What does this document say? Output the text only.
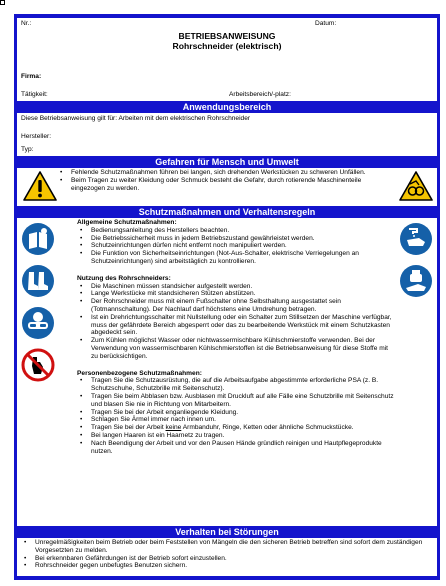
Nr.:	Datum:
BETRIEBSANWEISUNG
Rohrschneider (elektrisch)
Firma:
Tätigkeit:	Arbeitsbereich/-platz:
Anwendungsbereich
Diese Betriebsanweisung gilt für: Arbeiten mit dem elektrischen Rohrschneider
Hersteller:
Typ:
Gefahren für Mensch und Umwelt
• Fehlende Schutzmaßnahmen führen bei langen, sich drehenden Werkstücken zu schweren Unfällen.
• Beim Tragen zu weiter Kleidung oder Schmuck besteht die Gefahr, durch rotierende Maschinenteile eingezogen zu werden.
Schutzmaßnahmen und Verhaltensregeln
Allgemeine Schutzmaßnahmen:
• Bedienungsanleitung des Herstellers beachten.
• Die Betriebssicherheit muss in jedem Betriebszustand gewährleistet werden.
• Schutzeinrichtungen dürfen nicht entfernt noch manipuliert werden.
• Die Funktion von Sicherheitseinrichtungen (Not-Aus-Schalter, elektrische Verriegelungen an Schutzeinrichtungen) sind arbeitstäglich zu kontrollieren.
Nutzung des Rohrschneiders:
• Die Maschinen müssen standsicher aufgestellt werden.
• Lange Werkstücke mit standsicheren Stützen abstützen.
• Der Rohrschneider muss mit einem Fußschalter ohne Selbsthaltung ausgestattet sein (Totmannschaltung). Der Nachlauf darf höchstens eine Umdrehung betragen.
• Ist ein Drehrichtungsschalter mit Nullstellung oder ein Schalter zum Stillsetzen der Maschine verfügbar, muss der gefährdete Bereich abgesperrt oder das zu bearbeitende Werkstück mit einem Schutzkasten abgedeckt sein.
• Zum Kühlen möglichst Wasser oder nichtwassermischbare Kühlschmierstoffe verwenden. Bei der Verwendung von wassermischbaren Kühlschmierstoffen ist die Betriebsanweisung für diese Stoffe mit zu berücksichtigen.
Personenbezogene Schutzmaßnahmen:
• Tragen Sie die Schutzausrüstung, die auf die Arbeitsaufgabe abgestimmte erforderliche PSA (z. B. Schutzschuhe, Schutzbrille mit Seitenschutz).
• Tragen Sie beim Abblasen bzw. Ausblasen mit Druckluft auf alle Fälle eine Schutzbrille mit Seitenschutz und blasen Sie nie in Richtung von Mitarbeitern.
• Tragen Sie bei der Arbeit enganliegende Kleidung.
• Schlagen Sie Ärmel immer nach innen um.
• Tragen Sie bei der Arbeit keine Armbanduhr, Ringe, Ketten oder ähnliche Schmuckstücke.
• Bei langen Haaren ist ein Haarnetz zu tragen.
• Nach Beendigung der Arbeit und vor den Pausen Hände gründlich reinigen und Hautpflegeprodukte nutzen.
Verhalten bei Störungen
• Unregelmäßigkeiten beim Betrieb oder beim Feststellen von Mängeln die den sicheren Betrieb betreffen sind sofort dem zuständigen Vorgesetzten zu melden.
• Bei erkennbaren Gefährdungen ist der Betrieb sofort einzustellen.
• Rohrschneider gegen unbefugtes Benutzen sichern.
